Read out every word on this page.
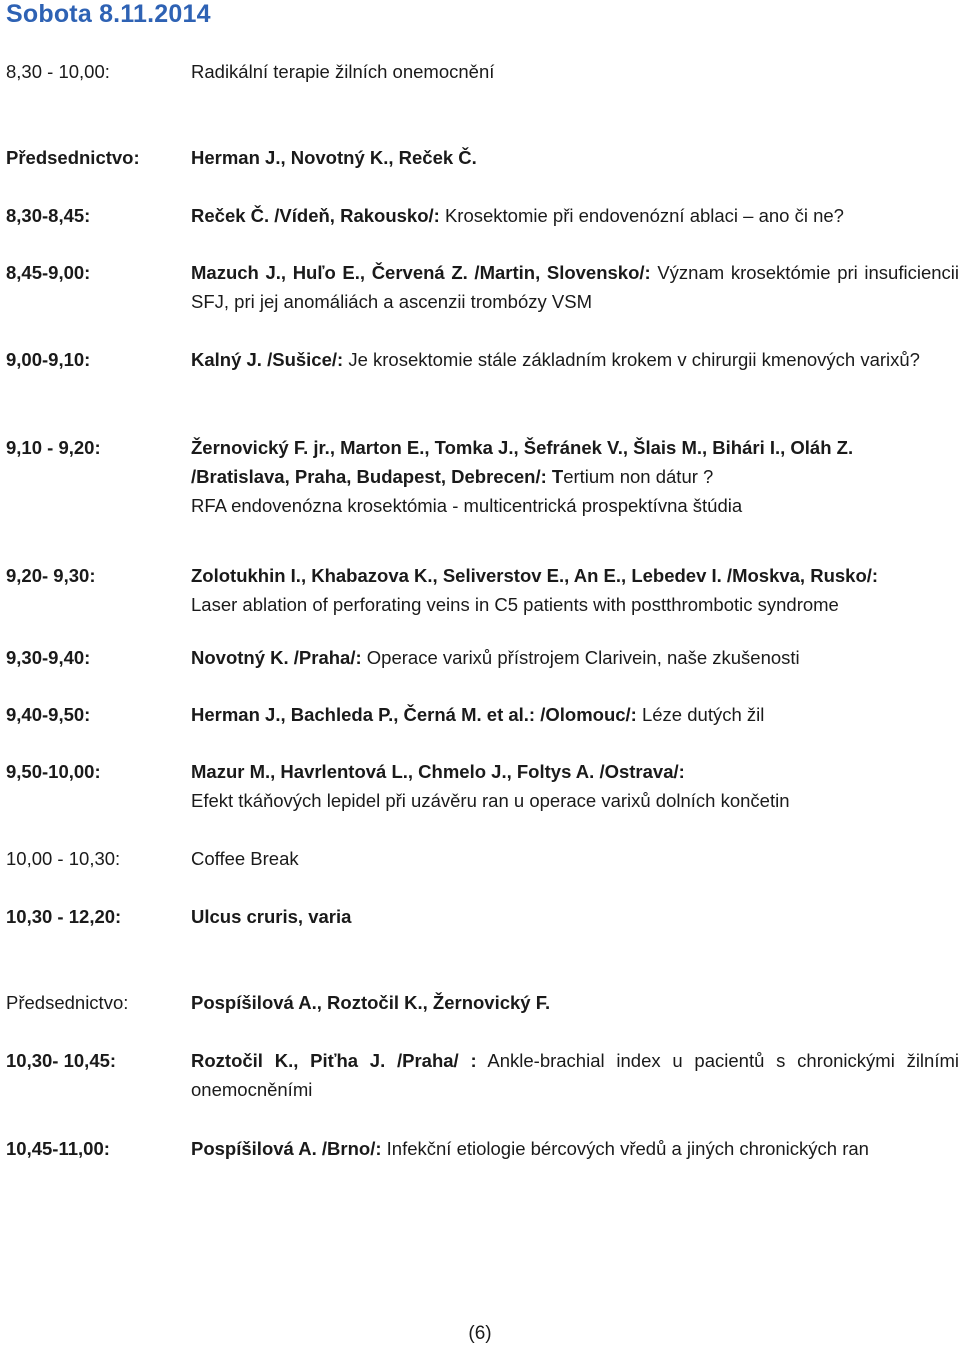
Sobota 8.11.2014
8,30 - 10,00:	Radikální terapie žilních onemocnění
Předsednictvo:	Herman J., Novotný K., Reček Č.
8,30-8,45:	Reček Č. /Vídeň, Rakousko/: Krosektomie při endovenózní ablaci – ano či ne?
8,45-9,00:	Mazuch J., Huľo E., Červená Z. /Martin, Slovensko/: Význam krosektómie pri insuficiencii SFJ, pri jej anomáliách a ascenzii trombózy VSM
9,00-9,10:	Kalný J. /Sušice/: Je krosektomie stále základním krokem v chirurgii kmenových varixů?
9,10 - 9,20:	Žernovický F. jr., Marton E., Tomka J., Šefránek V., Šlais M., Bihári I., Oláh Z.
/Bratislava, Praha, Budapest, Debrecen/: Tertium non dátur ?
RFA endovenózna krosektómia - multicentrická prospektívna štúdia
9,20- 9,30:	Zolotukhin I., Khabazova K., Seliverstov E., An E., Lebedev I. /Moskva, Rusko/:
Laser ablation of perforating veins in C5 patients with postthrombotic syndrome
9,30-9,40:	Novotný K. /Praha/: Operace varixů přístrojem Clarivein, naše zkušenosti
9,40-9,50:	Herman J., Bachleda P., Černá M. et al.: /Olomouc/: Léze dutých žil
9,50-10,00:	Mazur M., Havrlentová L., Chmelo J., Foltys A. /Ostrava/:
Efekt tkáňových lepidel při uzávěru ran u operace varixů dolních končetin
10,00 - 10,30:	Coffee Break
10,30 - 12,20:	Ulcus cruris, varia
Předsednictvo:	Pospíšilová A., Roztočil K., Žernovický F.
10,30- 10,45:	Roztočil K., Piťha J. /Praha/ : Ankle-brachial index u pacientů s chronickými žilními onemocněními
10,45-11,00:	Pospíšilová A. /Brno/: Infekční etiologie bércových vředů a jiných chronických ran
(6)
